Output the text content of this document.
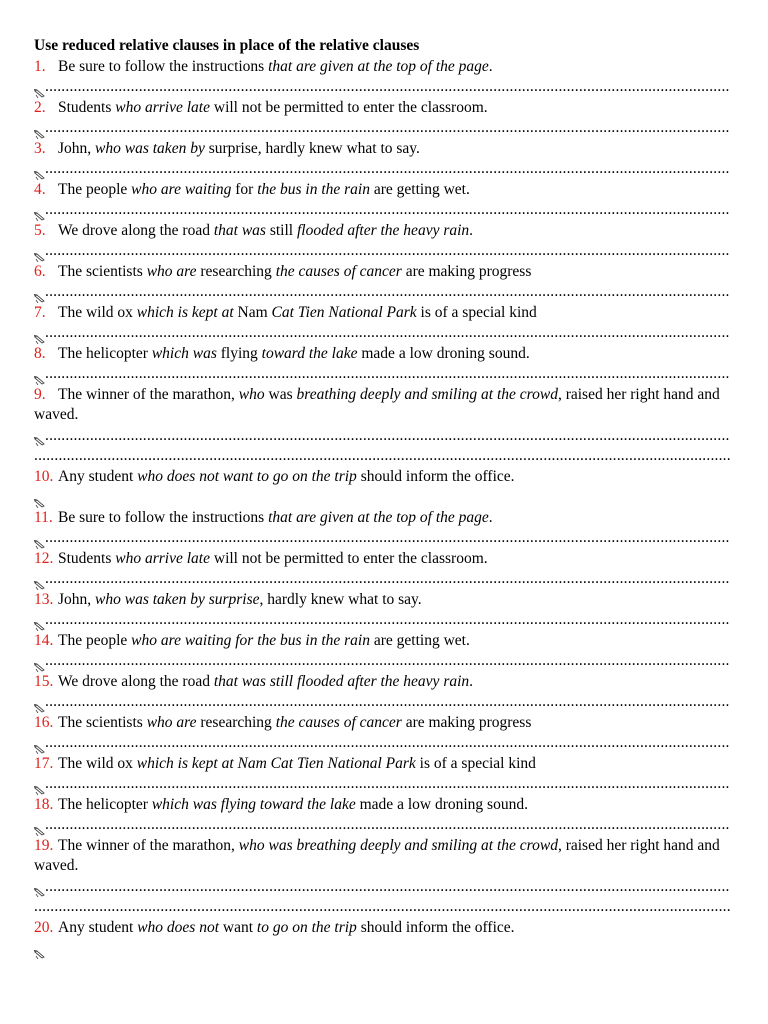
Use reduced relative clauses in place of the relative clauses

1. Be sure to follow the instructions that are given at the top of the page.

.....

2. Students who arrive late will not be permitted to enter the classroom.

.....

3. John, who was taken by surprise, hardly knew what to say.

.....

4. The people who are waiting for the bus in the rain are getting wet.

.....

5. We drove along the road that was still flooded after the heavy rain.

.....

6. The scientists who are researching the causes of cancer are making progress

.....

7. The wild ox which is kept at Nam Cat Tien National Park is of a special kind

.....

8. The helicopter which was flying toward the lake made a low droning sound.

.....

9. The winner of the marathon, who was breathing deeply and smiling at the crowd, raised her right hand and waved.

.....
.....

10. Any student who does not want to go on the trip should inform the office.

11. Be sure to follow the instructions that are given at the top of the page.

.....

12. Students who arrive late will not be permitted to enter the classroom.

.....

13. John, who was taken by surprise, hardly knew what to say.

.....

14. The people who are waiting for the bus in the rain are getting wet.

.....

15. We drove along the road that was still flooded after the heavy rain.

.....

16. The scientists who are researching the causes of cancer are making progress

.....

17. The wild ox which is kept at Nam Cat Tien National Park is of a special kind

.....

18. The helicopter which was flying toward the lake made a low droning sound.

.....

19. The winner of the marathon, who was breathing deeply and smiling at the crowd, raised her right hand and waved.

.....
.....

20. Any student who does not want to go on the trip should inform the office.
